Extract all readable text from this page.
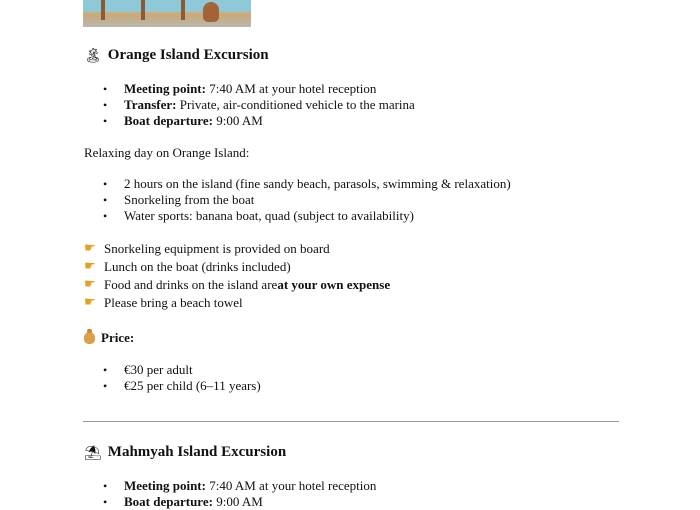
🏝 Orange Island Excursion
• Meeting point: 7:40 AM at your hotel reception
• Transfer: Private, air-conditioned vehicle to the marina
• Boat departure: 9:00 AM

Relaxing day on Orange Island:

• 2 hours on the island (fine sandy beach, parasols, swimming & relaxation)
• Snorkeling from the boat
• Water sports: banana boat, quad (subject to availability)
☛ Snorkeling equipment is provided on board
☛ Lunch on the boat (drinks included)
☛ Food and drinks on the island are at your own expense
☛ Please bring a beach towel
Price:
• €30 per adult
• €25 per child (6–11 years)
⛱ Mahmyah Island Excursion
• Meeting point: 7:40 AM at your hotel reception
• Boat departure: 9:00 AM
